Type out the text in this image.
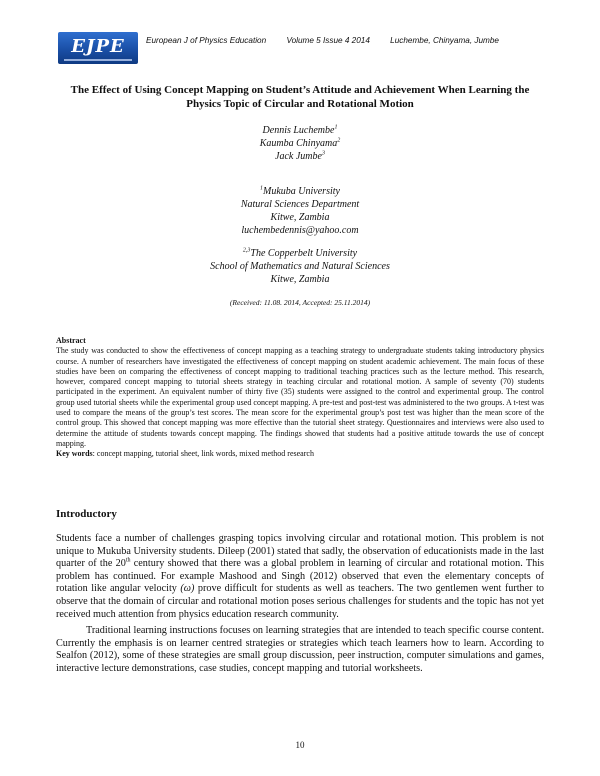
EJPE	European J of Physics Education Volume 5 Issue 4 2014 Luchembe, Chinyama, Jumbe
The Effect of Using Concept Mapping on Student’s Attitude and Achievement When Learning the Physics Topic of Circular and Rotational Motion
Dennis Luchembe$^1$
Kaumba Chinyama$^2$
Jack Jumbe$^3$
$^1$Mukuba University
Natural Sciences Department
Kitwe, Zambia
luchembedennis@yahoo.com
$^{2,3}$The Copperbelt University
School of Mathematics and Natural Sciences
Kitwe, Zambia
(Received: 11.08. 2014, Accepted: 25.11.2014)
Abstract
The study was conducted to show the effectiveness of concept mapping as a teaching strategy to undergraduate students taking introductory physics course. A number of researchers have investigated the effectiveness of concept mapping on student academic achievement. The main focus of these studies have been on comparing the effectiveness of concept mapping to traditional teaching practices such as the lecture method. This research, however, compared concept mapping to tutorial sheets strategy in teaching circular and rotational motion. A sample of seventy (70) students participated in the experiment. An equivalent number of thirty five (35) students were assigned to the control and experimental group. The control group used tutorial sheets while the experimental group used concept mapping. A pre-test and post-test was administered to the two groups. A t-test was used to compare the means of the group’s test scores. The mean score for the experimental group’s post test was higher than the mean score of the control group. This showed that concept mapping was more effective than the tutorial sheet strategy. Questionnaires and interviews were also used to determine the attitude of students towards concept mapping. The findings showed that students had a positive attitude towards the use of concept mapping.
Key words: concept mapping, tutorial sheet, link words, mixed method research
Introductory

Students face a number of challenges grasping topics involving circular and rotational motion. This problem is not unique to Mukuba University students. Dileep (2001) stated that sadly, the observation of educationists made in the last quarter of the 20th century showed that there was a global problem in learning of circular and rotational motion. This problem has continued. For example Mashood and Singh (2012) observed that even the elementary concepts of rotation like angular velocity (ω) prove difficult for students as well as teachers. The two gentlemen went further to observe that the domain of circular and rotational motion poses serious challenges for students and the topic has not yet received much attention from physics education research community.

Traditional learning instructions focuses on learning strategies that are intended to teach specific course content. Currently the emphasis is on learner centred strategies or strategies which teach learners how to learn. According to Sealfon (2012), some of these strategies are small group discussion, peer instruction, computer simulations and games, interactive lecture demonstrations, case studies, concept mapping and tutorial worksheets.

10
